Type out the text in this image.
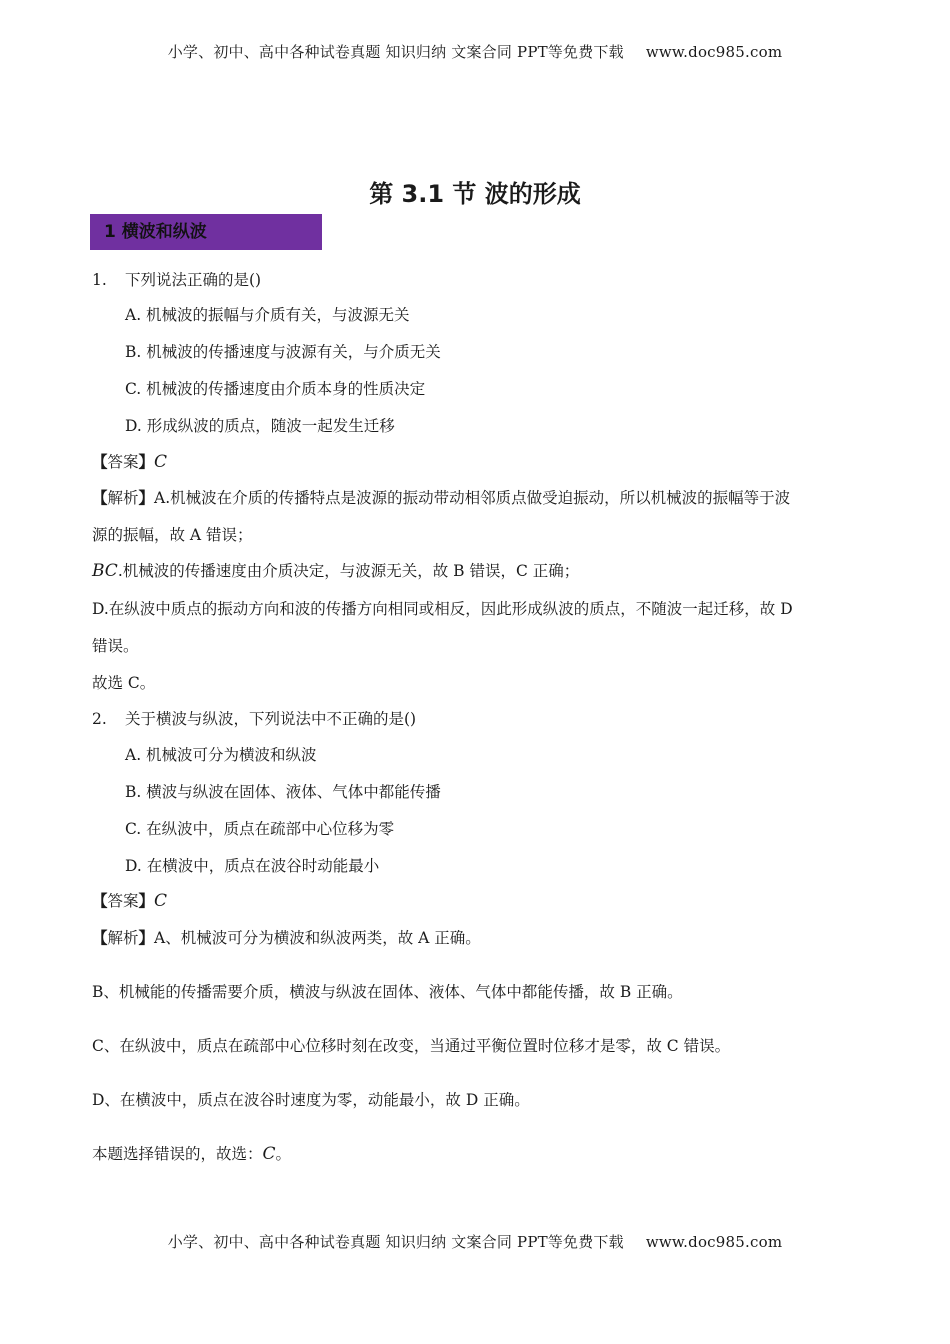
小学、初中、高中各种试卷真题 知识归纳 文案合同 PPT等免费下载 www.doc985.com
第 3.1 节 波的形成
1 横波和纵波
1. 下列说法正确的是()
A. 机械波的振幅与介质有关，与波源无关
B. 机械波的传播速度与波源有关，与介质无关
C. 机械波的传播速度由介质本身的性质决定
D. 形成纵波的质点，随波一起发生迁移
【答案】C
【解析】A.机械波在介质的传播特点是波源的振动带动相邻质点做受迫振动，所以机械波的振幅等于波
源的振幅，故 A 错误；
BC.机械波的传播速度由介质决定，与波源无关，故 B 错误，C 正确；
D.在纵波中质点的振动方向和波的传播方向相同或相反，因此形成纵波的质点，不随波一起迁移，故 D
错误。
故选 C。
2. 关于横波与纵波，下列说法中不正确的是()
A. 机械波可分为横波和纵波
B. 横波与纵波在固体、液体、气体中都能传播
C. 在纵波中，质点在疏部中心位移为零
D. 在横波中，质点在波谷时动能最小
【答案】C
【解析】A、机械波可分为横波和纵波两类，故 A 正确。
B、机械能的传播需要介质，横波与纵波在固体、液体、气体中都能传播，故 B 正确。
C、在纵波中，质点在疏部中心位移时刻在改变，当通过平衡位置时位移才是零，故 C 错误。
D、在横波中，质点在波谷时速度为零，动能最小，故 D 正确。
本题选择错误的，故选：C。
小学、初中、高中各种试卷真题 知识归纳 文案合同 PPT等免费下载 www.doc985.com
